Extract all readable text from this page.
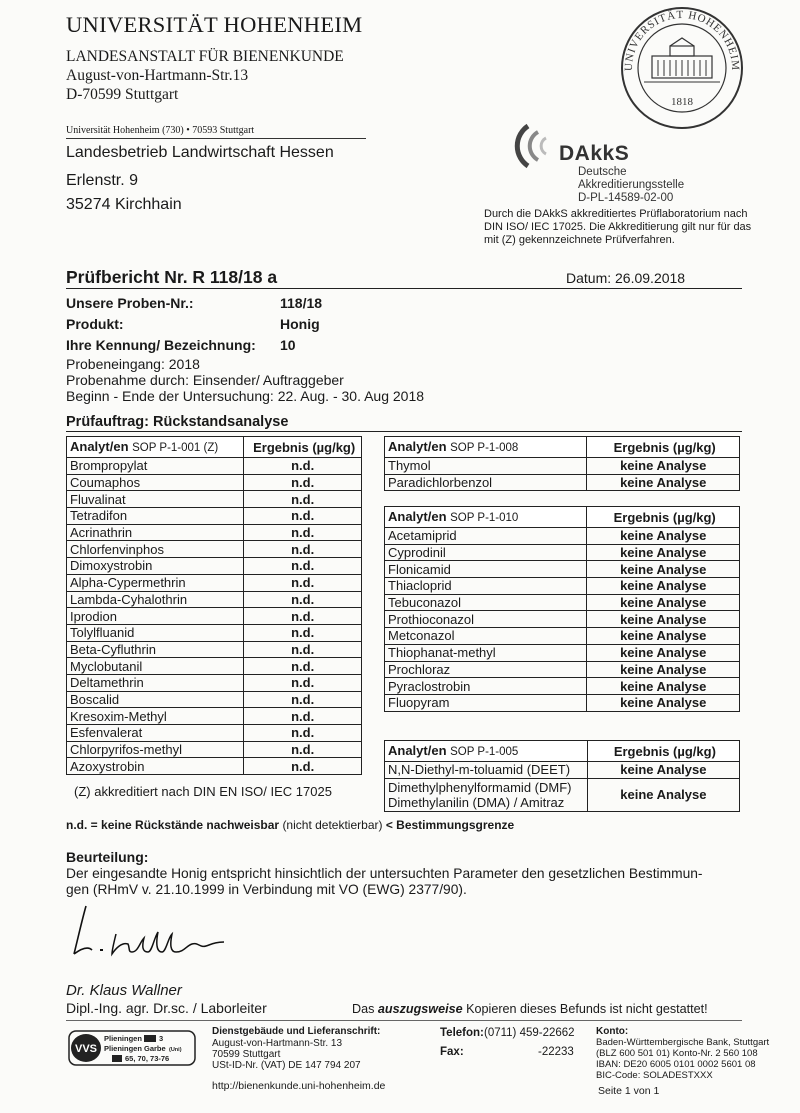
UNIVERSITÄT HOHENHEIM
LANDESANSTALT FÜR BIENENKUNDE
August-von-Hartmann-Str.13
D-70599 Stuttgart
UNIVERSITÄT HOHENHEIM
1818
Universität Hohenheim (730) • 70593 Stuttgart
Landesbetrieb Landwirtschaft Hessen
Erlenstr. 9
35274 Kirchhain
DAkkS
Deutsche
Akkreditierungsstelle
D-PL-14589-02-00
Durch die DAkkS akkreditiertes Prüflaboratorium nach DIN ISO/ IEC 17025. Die Akkreditierung gilt nur für das mit (Z) gekennzeichnete Prüfverfahren.
Prüfbericht Nr. R 118/18 a	Datum: 26.09.2018
Unsere Proben-Nr.:	118/18
Produkt:	Honig
Ihre Kennung/ Bezeichnung: 10
Probeneingang: 2018
Probenahme durch: Einsender/ Auftraggeber
Beginn - Ende der Untersuchung: 22. Aug. - 30. Aug 2018
Prüfauftrag: Rückstandsanalyse
Analyt/en SOP P-1-001 (Z)	Ergebnis (µg/kg)
Brompropylat	n.d.
Coumaphos	n.d.
Fluvalinat	n.d.
Tetradifon	n.d.
Acrinathrin	n.d.
Chlorfenvinphos	n.d.
Dimoxystrobin	n.d.
Alpha-Cypermethrin	n.d.
Lambda-Cyhalothrin	n.d.
Iprodion	n.d.
Tolylfluanid	n.d.
Beta-Cyfluthrin	n.d.
Myclobutanil	n.d.
Deltamethrin	n.d.
Boscalid	n.d.
Kresoxim-Methyl	n.d.
Esfenvalerat	n.d.
Chlorpyrifos-methyl	n.d.
Azoxystrobin	n.d.
Analyt/en SOP P-1-008	Ergebnis (µg/kg)
Thymol	keine Analyse
Paradichlorbenzol	keine Analyse
Analyt/en SOP P-1-010	Ergebnis (µg/kg)
Acetamiprid	keine Analyse
Cyprodinil	keine Analyse
Flonicamid	keine Analyse
Thiacloprid	keine Analyse
Tebuconazol	keine Analyse
Prothioconazol	keine Analyse
Metconazol	keine Analyse
Thiophanat-methyl	keine Analyse
Prochloraz	keine Analyse
Pyraclostrobin	keine Analyse
Fluopyram	keine Analyse
Analyt/en SOP P-1-005	Ergebnis (µg/kg)
N,N-Diethyl-m-toluamid (DEET)	keine Analyse

Dimethylphenylformamid (DMF)
Dimethylanilin (DMA) / Amitraz	keine Analyse
(Z) akkreditiert nach DIN EN ISO/ IEC 17025
n.d. = keine Rückstände nachweisbar (nicht detektierbar) < Bestimmungsgrenze
Beurteilung:
Der eingesandte Honig entspricht hinsichtlich der untersuchten Parameter den gesetzlichen Bestimmun-
gen (RHmV v. 21.10.1999 in Verbindung mit VO (EWG) 2377/90).
Dr. Klaus Wallner
Dipl.-Ing. agr. Dr.sc. / Laborleiter	Das auszugsweise Kopieren dieses Befunds ist nicht gestattet!
VVS
Plieningen 3
Plieningen Garbe (Uni)
65, 70, 73-76
Dienstgebäude und Lieferanschrift:
August-von-Hartmann-Str. 13
70599 Stuttgart
USt-ID-Nr. (VAT) DE 147 794 207
http://bienenkunde.uni-hohenheim.de
Telefon: (0711) 459-22662
Fax:	-22233
Konto:
Baden-Württembergische Bank, Stuttgart
(BLZ 600 501 01) Konto-Nr. 2 560 108
IBAN: DE20 6005 0101 0002 5601 08
BIC-Code: SOLADESTXXX
Seite 1 von 1
